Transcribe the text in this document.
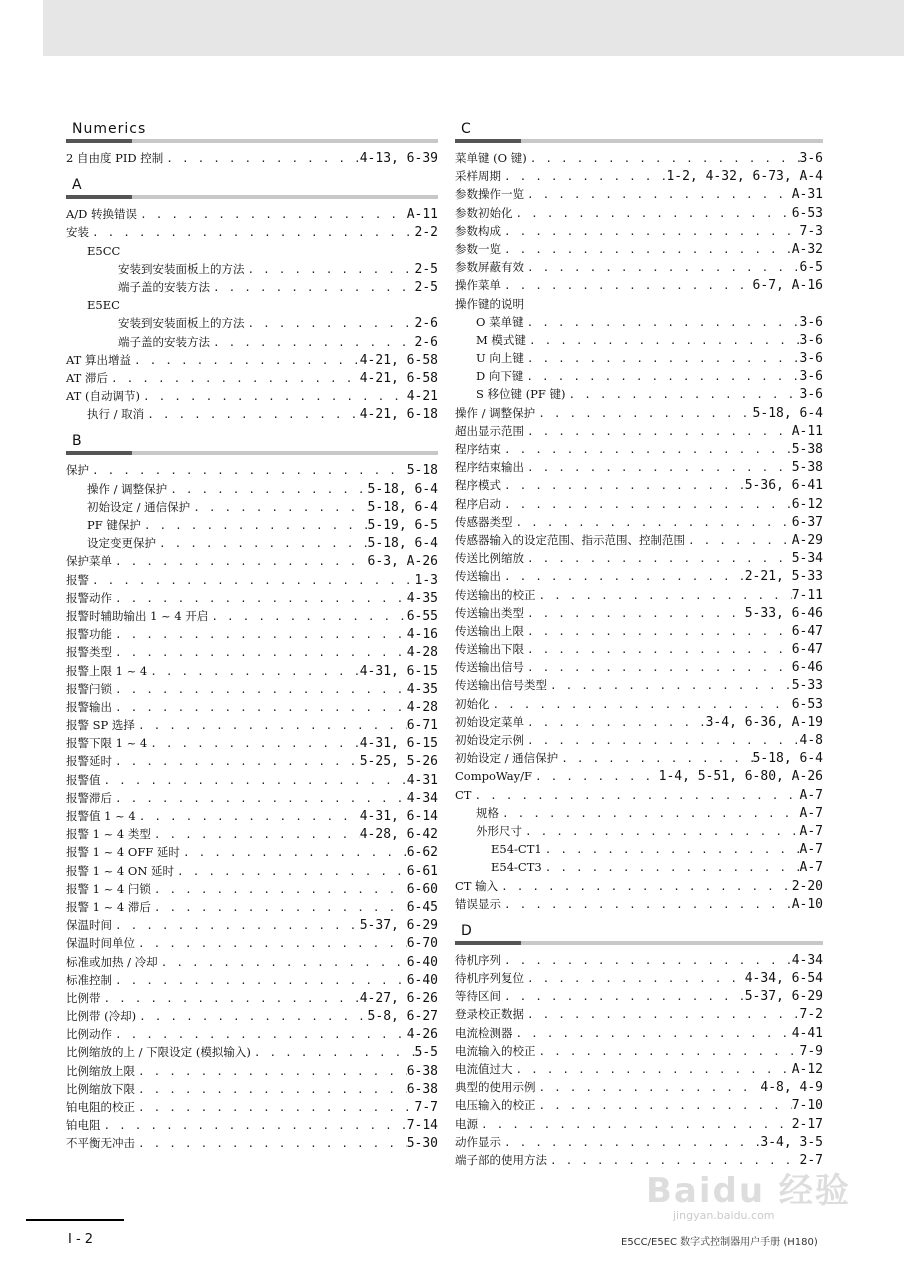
Numerics
2 自由度 PID 控制 . . .	4-13, 6-39
A
A/D 转换错误 . . .	A-11
安装 . . .	2-2
E5CC
安装到安装面板上的方法 . . .	2-5
端子盖的安装方法 . . .	2-5
E5EC
安装到安装面板上的方法 . . .	2-6
端子盖的安装方法 . . .	2-6
AT 算出增益 . . .	4-21, 6-58
AT 滞后 . . .	4-21, 6-58
AT (自动调节) . . .	4-21
执行 / 取消 . . .	4-21, 6-18
B
保护 . . .	5-18
操作 / 调整保护 . . .	5-18, 6-4
初始设定 / 通信保护 . . .	5-18, 6-4
PF 键保护 . . .	5-19, 6-5
设定变更保护 . . .	5-18, 6-4
保护菜单 . . .	6-3, A-26
报警 . . .	1-3
报警动作 . . .	4-35
报警时辅助输出 1 ~ 4 开启 . . .	6-55
报警功能 . . .	4-16
报警类型 . . .	4-28
报警上限 1 ~ 4 . . .	4-31, 6-15
报警闩锁 . . .	4-35
报警输出 . . .	4-28
报警 SP 选择 . . .	6-71
报警下限 1 ~ 4 . . .	4-31, 6-15
报警延时 . . .	5-25, 5-26
报警值 . . .	4-31
报警滞后 . . .	4-34
报警值 1 ~ 4 . . .	4-31, 6-14
报警 1 ~ 4 类型 . . .	4-28, 6-42
报警 1 ~ 4 OFF 延时 . . .	6-62
报警 1 ~ 4 ON 延时 . . .	6-61
报警 1 ~ 4 闩锁 . . .	6-60
报警 1 ~ 4 滞后 . . .	6-45
保温时间 . . .	5-37, 6-29
保温时间单位 . . .	6-70
标准或加热 / 冷却 . . .	6-40
标准控制 . . .	6-40
比例带 . . .	4-27, 6-26
比例带 (冷却) . . .	5-8, 6-27
比例动作 . . .	4-26
比例缩放的上 / 下限设定 (模拟输入) . . .	5-5
比例缩放上限 . . .	6-38
比例缩放下限 . . .	6-38
铂电阻的校正 . . .	7-7
铂电阻 . . .	7-14
不平衡无冲击 . . .	5-30
C
菜单键 (O 键) . . .	3-6
采样周期 . . .	1-2, 4-32, 6-73, A-4
参数操作一览 . . .	A-31
参数初始化 . . .	6-53
参数构成 . . .	7-3
参数一览 . . .	A-32
参数屏蔽有效 . . .	6-5
操作菜单 . . .	6-7, A-16
操作键的说明
O 菜单键 . . .	3-6
M 模式键 . . .	3-6
U 向上键 . . .	3-6
D 向下键 . . .	3-6
S 移位键 (PF 键) . . .	3-6
操作 / 调整保护 . . .	5-18, 6-4
超出显示范围 . . .	A-11
程序结束 . . .	5-38
程序结束输出 . . .	5-38
程序模式 . . .	5-36, 6-41
程序启动 . . .	6-12
传感器类型 . . .	6-37
传感器输入的设定范围、指示范围、控制范围 . . .	A-29
传送比例缩放 . . .	5-34
传送输出 . . .	2-21, 5-33
传送输出的校正 . . .	7-11
传送输出类型 . . .	5-33, 6-46
传送输出上限 . . .	6-47
传送输出下限 . . .	6-47
传送输出信号 . . .	6-46
传送输出信号类型 . . .	5-33
初始化 . . .	6-53
初始设定菜单 . . .	3-4, 6-36, A-19
初始设定示例 . . .	4-8
初始设定 / 通信保护 . . .	5-18, 6-4
CompoWay/F . . .	1-4, 5-51, 6-80, A-26
CT . . .	A-7
规格 . . .	A-7
外形尺寸 . . .	A-7
E54-CT1 . . .	A-7
E54-CT3 . . .	A-7
CT 输入 . . .	2-20
错误显示 . . .	A-10
D
待机序列 . . .	4-34
待机序列复位 . . .	4-34, 6-54
等待区间 . . .	5-37, 6-29
登录校正数据 . . .	7-2
电流检测器 . . .	4-41
电流输入的校正 . . .	7-9
电流值过大 . . .	A-12
典型的使用示例 . . .	4-8, 4-9
电压输入的校正 . . .	7-10
电源 . . .	2-17
动作显示 . . .	3-4, 3-5
端子部的使用方法 . . .	2-7
I - 2	E5CC/E5EC 数字式控制器用户手册 (H180)
Baidu 经验
jingyan.baidu.com
